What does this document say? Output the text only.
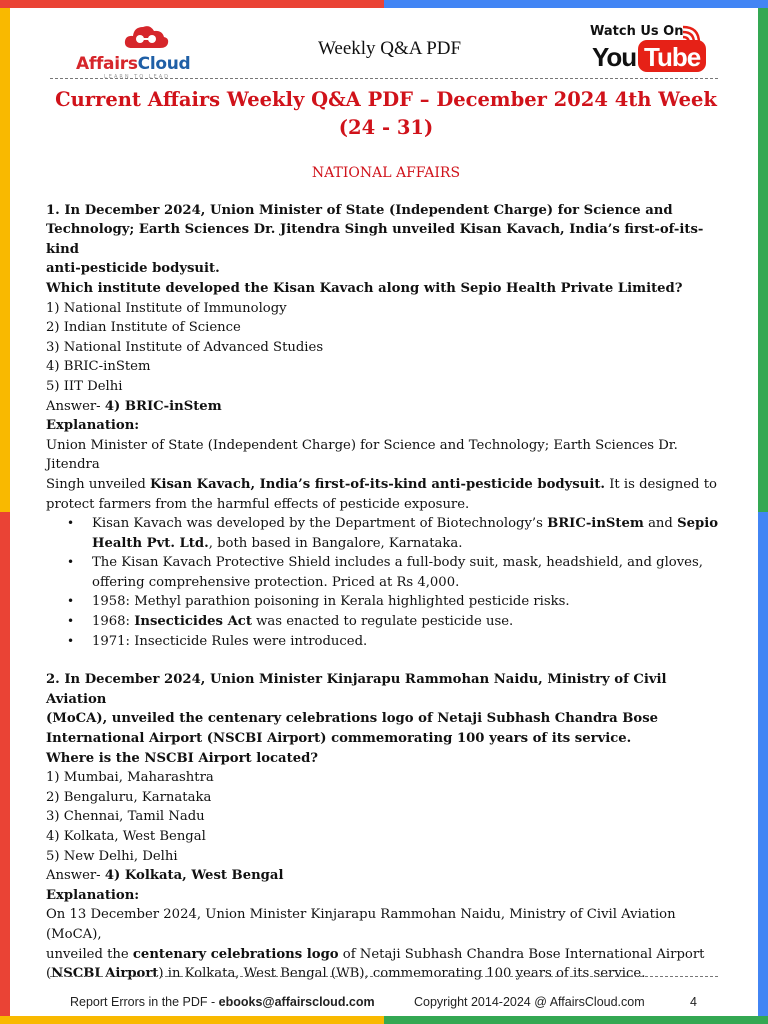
AffairsCloud
LEARN TO LEAD
Weekly Q&A PDF
Watch Us On
You Tube

Current Affairs Weekly Q&A PDF – December 2024 4th Week
(24 - 31)

NATIONAL AFFAIRS

1. In December 2024, Union Minister of State (Independent Charge) for Science and
Technology; Earth Sciences Dr. Jitendra Singh unveiled Kisan Kavach, India’s first-of-its-kind
anti-pesticide bodysuit.
Which institute developed the Kisan Kavach along with Sepio Health Private Limited?

1) National Institute of Immunology

2) Indian Institute of Science

3) National Institute of Advanced Studies

4) BRIC-inStem

5) IIT Delhi

Answer- 4) BRIC-inStem

Explanation:

Union Minister of State (Independent Charge) for Science and Technology; Earth Sciences Dr. Jitendra
Singh unveiled Kisan Kavach, India’s first-of-its-kind anti-pesticide bodysuit. It is designed to
protect farmers from the harmful effects of pesticide exposure.

• Kisan Kavach was developed by the Department of Biotechnology’s BRIC-inStem and Sepio
Health Pvt. Ltd., both based in Bangalore, Karnataka.
• The Kisan Kavach Protective Shield includes a full-body suit, mask, headshield, and gloves,
offering comprehensive protection. Priced at Rs 4,000.
• 1958: Methyl parathion poisoning in Kerala highlighted pesticide risks.
• 1968: Insecticides Act was enacted to regulate pesticide use.
• 1971: Insecticide Rules were introduced.

2. In December 2024, Union Minister Kinjarapu Rammohan Naidu, Ministry of Civil Aviation
(MoCA), unveiled the centenary celebrations logo of Netaji Subhash Chandra Bose
International Airport (NSCBI Airport) commemorating 100 years of its service.
Where is the NSCBI Airport located?

1) Mumbai, Maharashtra

2) Bengaluru, Karnataka

3) Chennai, Tamil Nadu

4) Kolkata, West Bengal

5) New Delhi, Delhi

Answer- 4) Kolkata, West Bengal

Explanation:

On 13 December 2024, Union Minister Kinjarapu Rammohan Naidu, Ministry of Civil Aviation (MoCA),
unveiled the centenary celebrations logo of Netaji Subhash Chandra Bose International Airport
(NSCBI Airport) in Kolkata, West Bengal (WB), commemorating 100 years of its service.

Report Errors in the PDF - ebooks@affairscloud.com	Copyright 2014-2024 @ AffairsCloud.com	4
